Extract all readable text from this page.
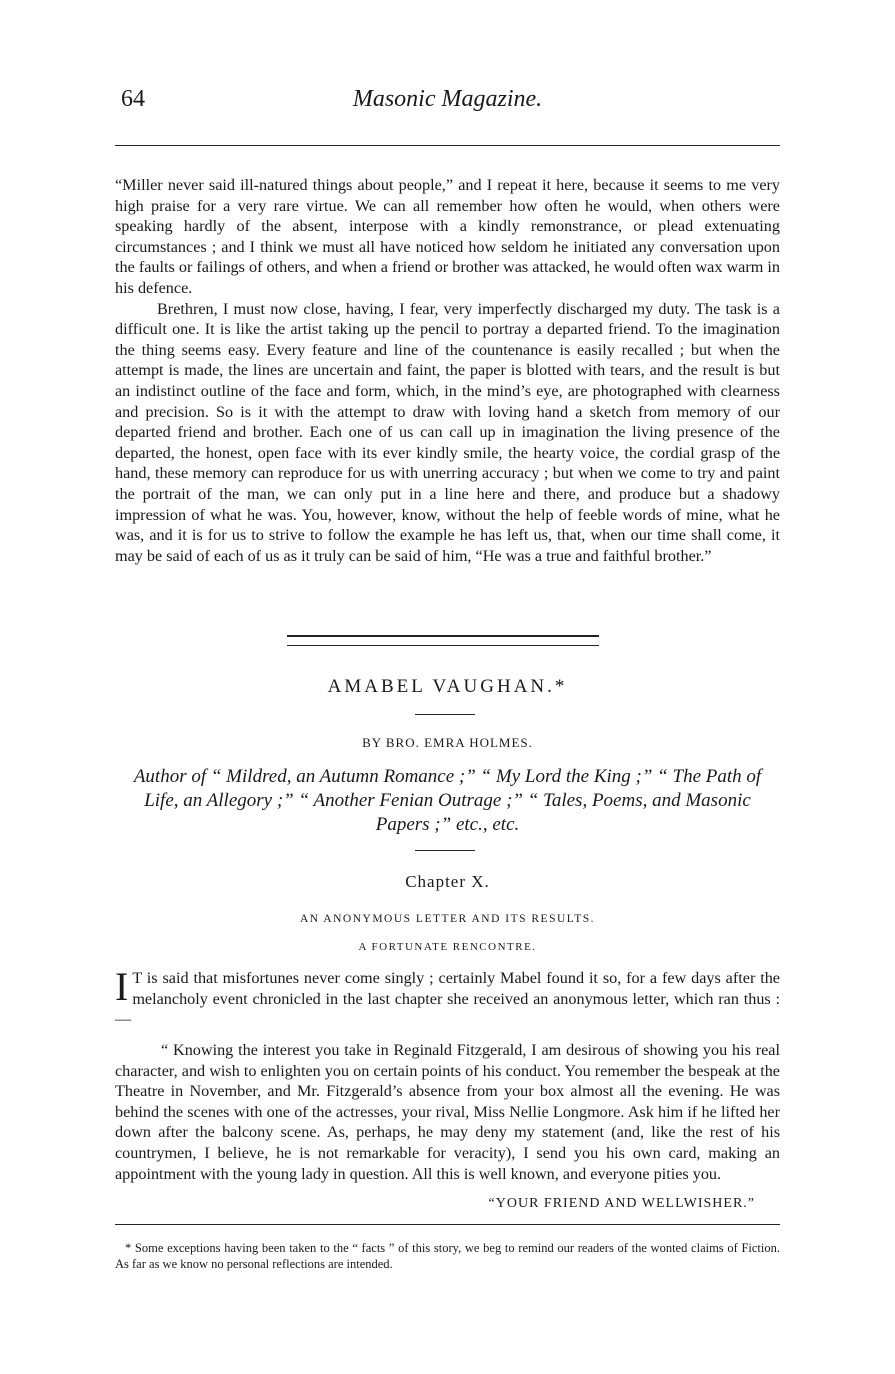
64	Masonic Magazine.

“Miller never said ill-natured things about people,” and I repeat it here, because it seems to me very high praise for a very rare virtue. We can all remember how often he would, when others were speaking hardly of the absent, interpose with a kindly remonstrance, or plead extenuating circumstances ; and I think we must all have noticed how seldom he initiated any conversation upon the faults or failings of others, and when a friend or brother was attacked, he would often wax warm in his defence.

Brethren, I must now close, having, I fear, very imperfectly discharged my duty. The task is a difficult one. It is like the artist taking up the pencil to portray a departed friend. To the imagination the thing seems easy. Every feature and line of the countenance is easily recalled ; but when the attempt is made, the lines are uncertain and faint, the paper is blotted with tears, and the result is but an indistinct outline of the face and form, which, in the mind’s eye, are photographed with clearness and precision. So is it with the attempt to draw with loving hand a sketch from memory of our departed friend and brother. Each one of us can call up in imagination the living presence of the departed, the honest, open face with its ever kindly smile, the hearty voice, the cordial grasp of the hand, these memory can reproduce for us with unerring accuracy ; but when we come to try and paint the portrait of the man, we can only put in a line here and there, and produce but a shadowy impression of what he was. You, however, know, without the help of feeble words of mine, what he was, and it is for us to strive to follow the example he has left us, that, when our time shall come, it may be said of each of us as it truly can be said of him, “He was a true and faithful brother.”

AMABEL VAUGHAN.*
BY BRO. EMRA HOLMES.
Author of “ Mildred, an Autumn Romance ;” “ My Lord the King ;” “ The Path of Life, an Allegory ;” “ Another Fenian Outrage ;” “ Tales, Poems, and Masonic Papers ;” etc., etc.
Chapter X.
AN ANONYMOUS LETTER AND ITS RESULTS.
A FORTUNATE RENCONTRE.
I T is said that misfortunes never come singly ; certainly Mabel found it so, for a few days after the melancholy event chronicled in the last chapter she received an anonymous letter, which ran thus :—

“ Knowing the interest you take in Reginald Fitzgerald, I am desirous of showing you his real character, and wish to enlighten you on certain points of his conduct. You remember the bespeak at the Theatre in November, and Mr. Fitzgerald’s absence from your box almost all the evening. He was behind the scenes with one of the actresses, your rival, Miss Nellie Longmore. Ask him if he lifted her down after the balcony scene. As, perhaps, he may deny my statement (and, like the rest of his countrymen, I believe, he is not remarkable for veracity), I send you his own card, making an appointment with the young lady in question. All this is well known, and everyone pities you.

“YOUR FRIEND AND WELLWISHER.”

* Some exceptions having been taken to the “ facts ” of this story, we beg to remind our readers of the wonted claims of Fiction. As far as we know no personal reflections are intended.
